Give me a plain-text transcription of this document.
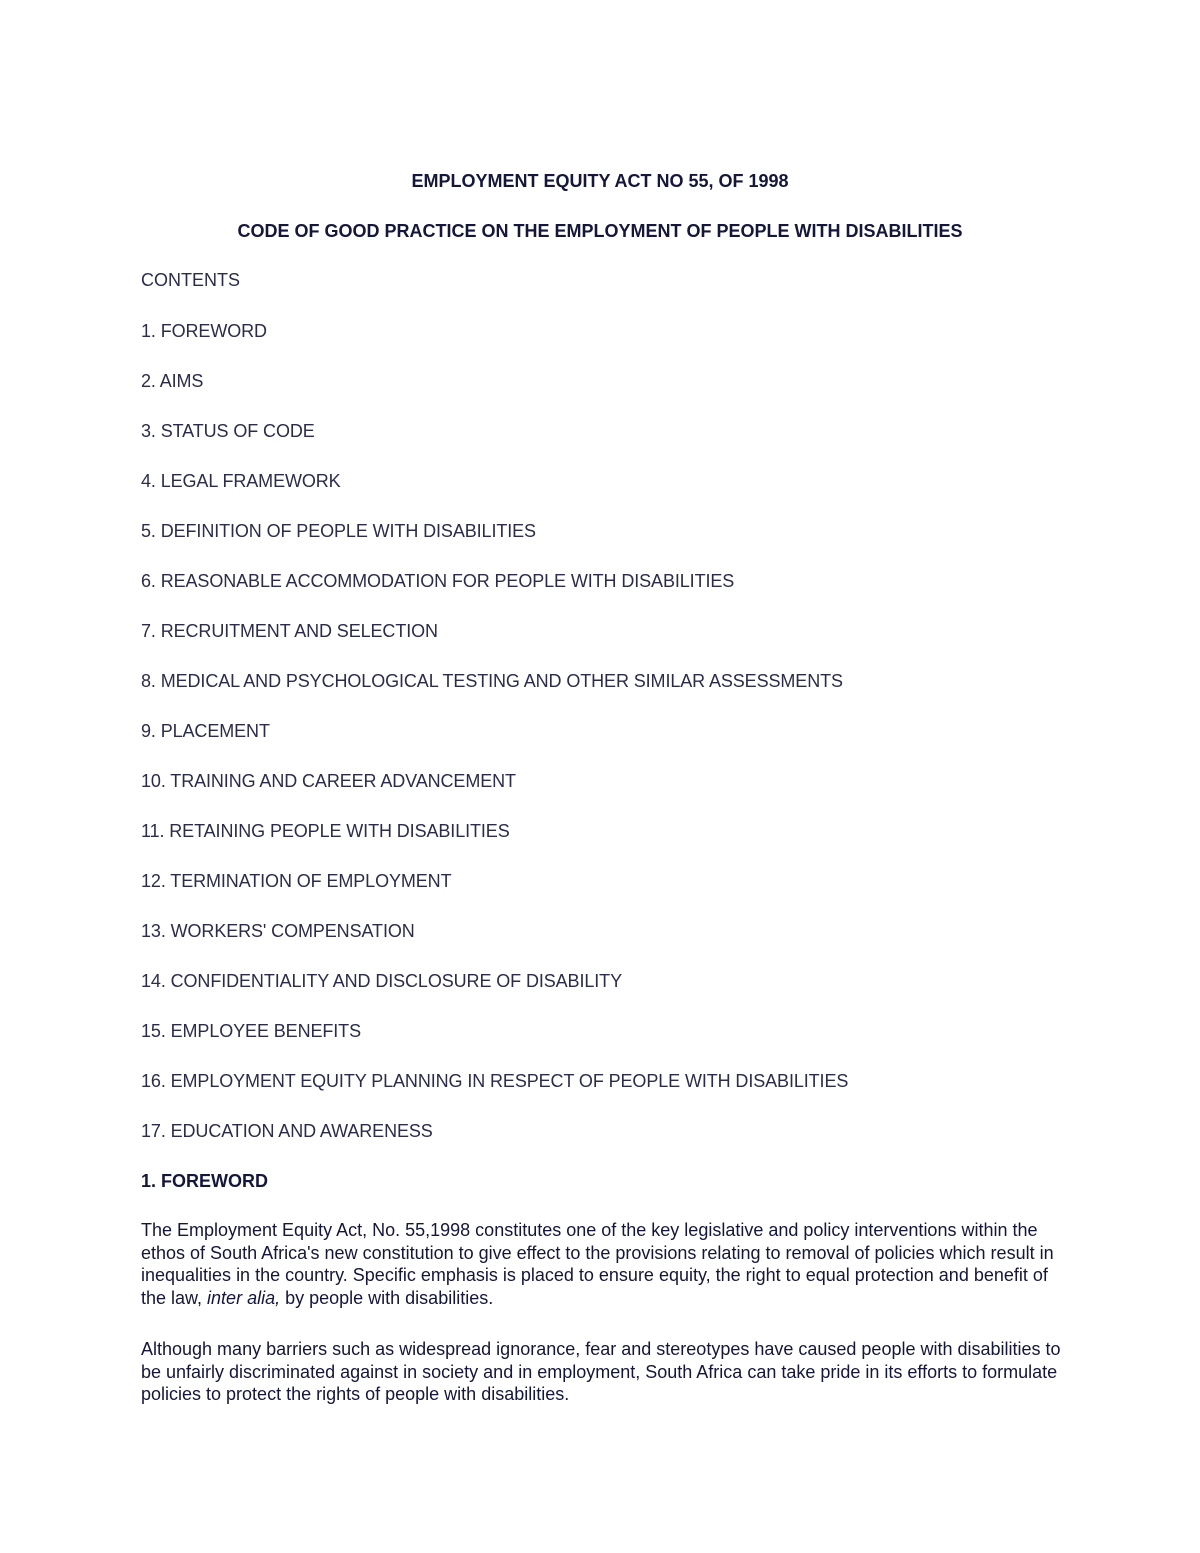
EMPLOYMENT EQUITY ACT NO 55, OF 1998
CODE OF GOOD PRACTICE ON THE EMPLOYMENT OF PEOPLE WITH DISABILITIES

CONTENTS

1. FOREWORD
2. AIMS
3. STATUS OF CODE
4. LEGAL FRAMEWORK
5. DEFINITION OF PEOPLE WITH DISABILITIES
6. REASONABLE ACCOMMODATION FOR PEOPLE WITH DISABILITIES
7. RECRUITMENT AND SELECTION
8. MEDICAL AND PSYCHOLOGICAL TESTING AND OTHER SIMILAR ASSESSMENTS
9. PLACEMENT
10. TRAINING AND CAREER ADVANCEMENT
11. RETAINING PEOPLE WITH DISABILITIES
12. TERMINATION OF EMPLOYMENT
13. WORKERS' COMPENSATION
14. CONFIDENTIALITY AND DISCLOSURE OF DISABILITY
15. EMPLOYEE BENEFITS
16. EMPLOYMENT EQUITY PLANNING IN RESPECT OF PEOPLE WITH DISABILITIES
17. EDUCATION AND AWARENESS
1. FOREWORD

The Employment Equity Act, No. 55,1998 constitutes one of the key legislative and policy interventions within the ethos of South Africa's new constitution to give effect to the provisions relating to removal of policies which result in inequalities in the country. Specific emphasis is placed to ensure equity, the right to equal protection and benefit of the law, inter alia, by people with disabilities.

Although many barriers such as widespread ignorance, fear and stereotypes have caused people with disabilities to be unfairly discriminated against in society and in employment, South Africa can take pride in its efforts to formulate policies to protect the rights of people with disabilities.
